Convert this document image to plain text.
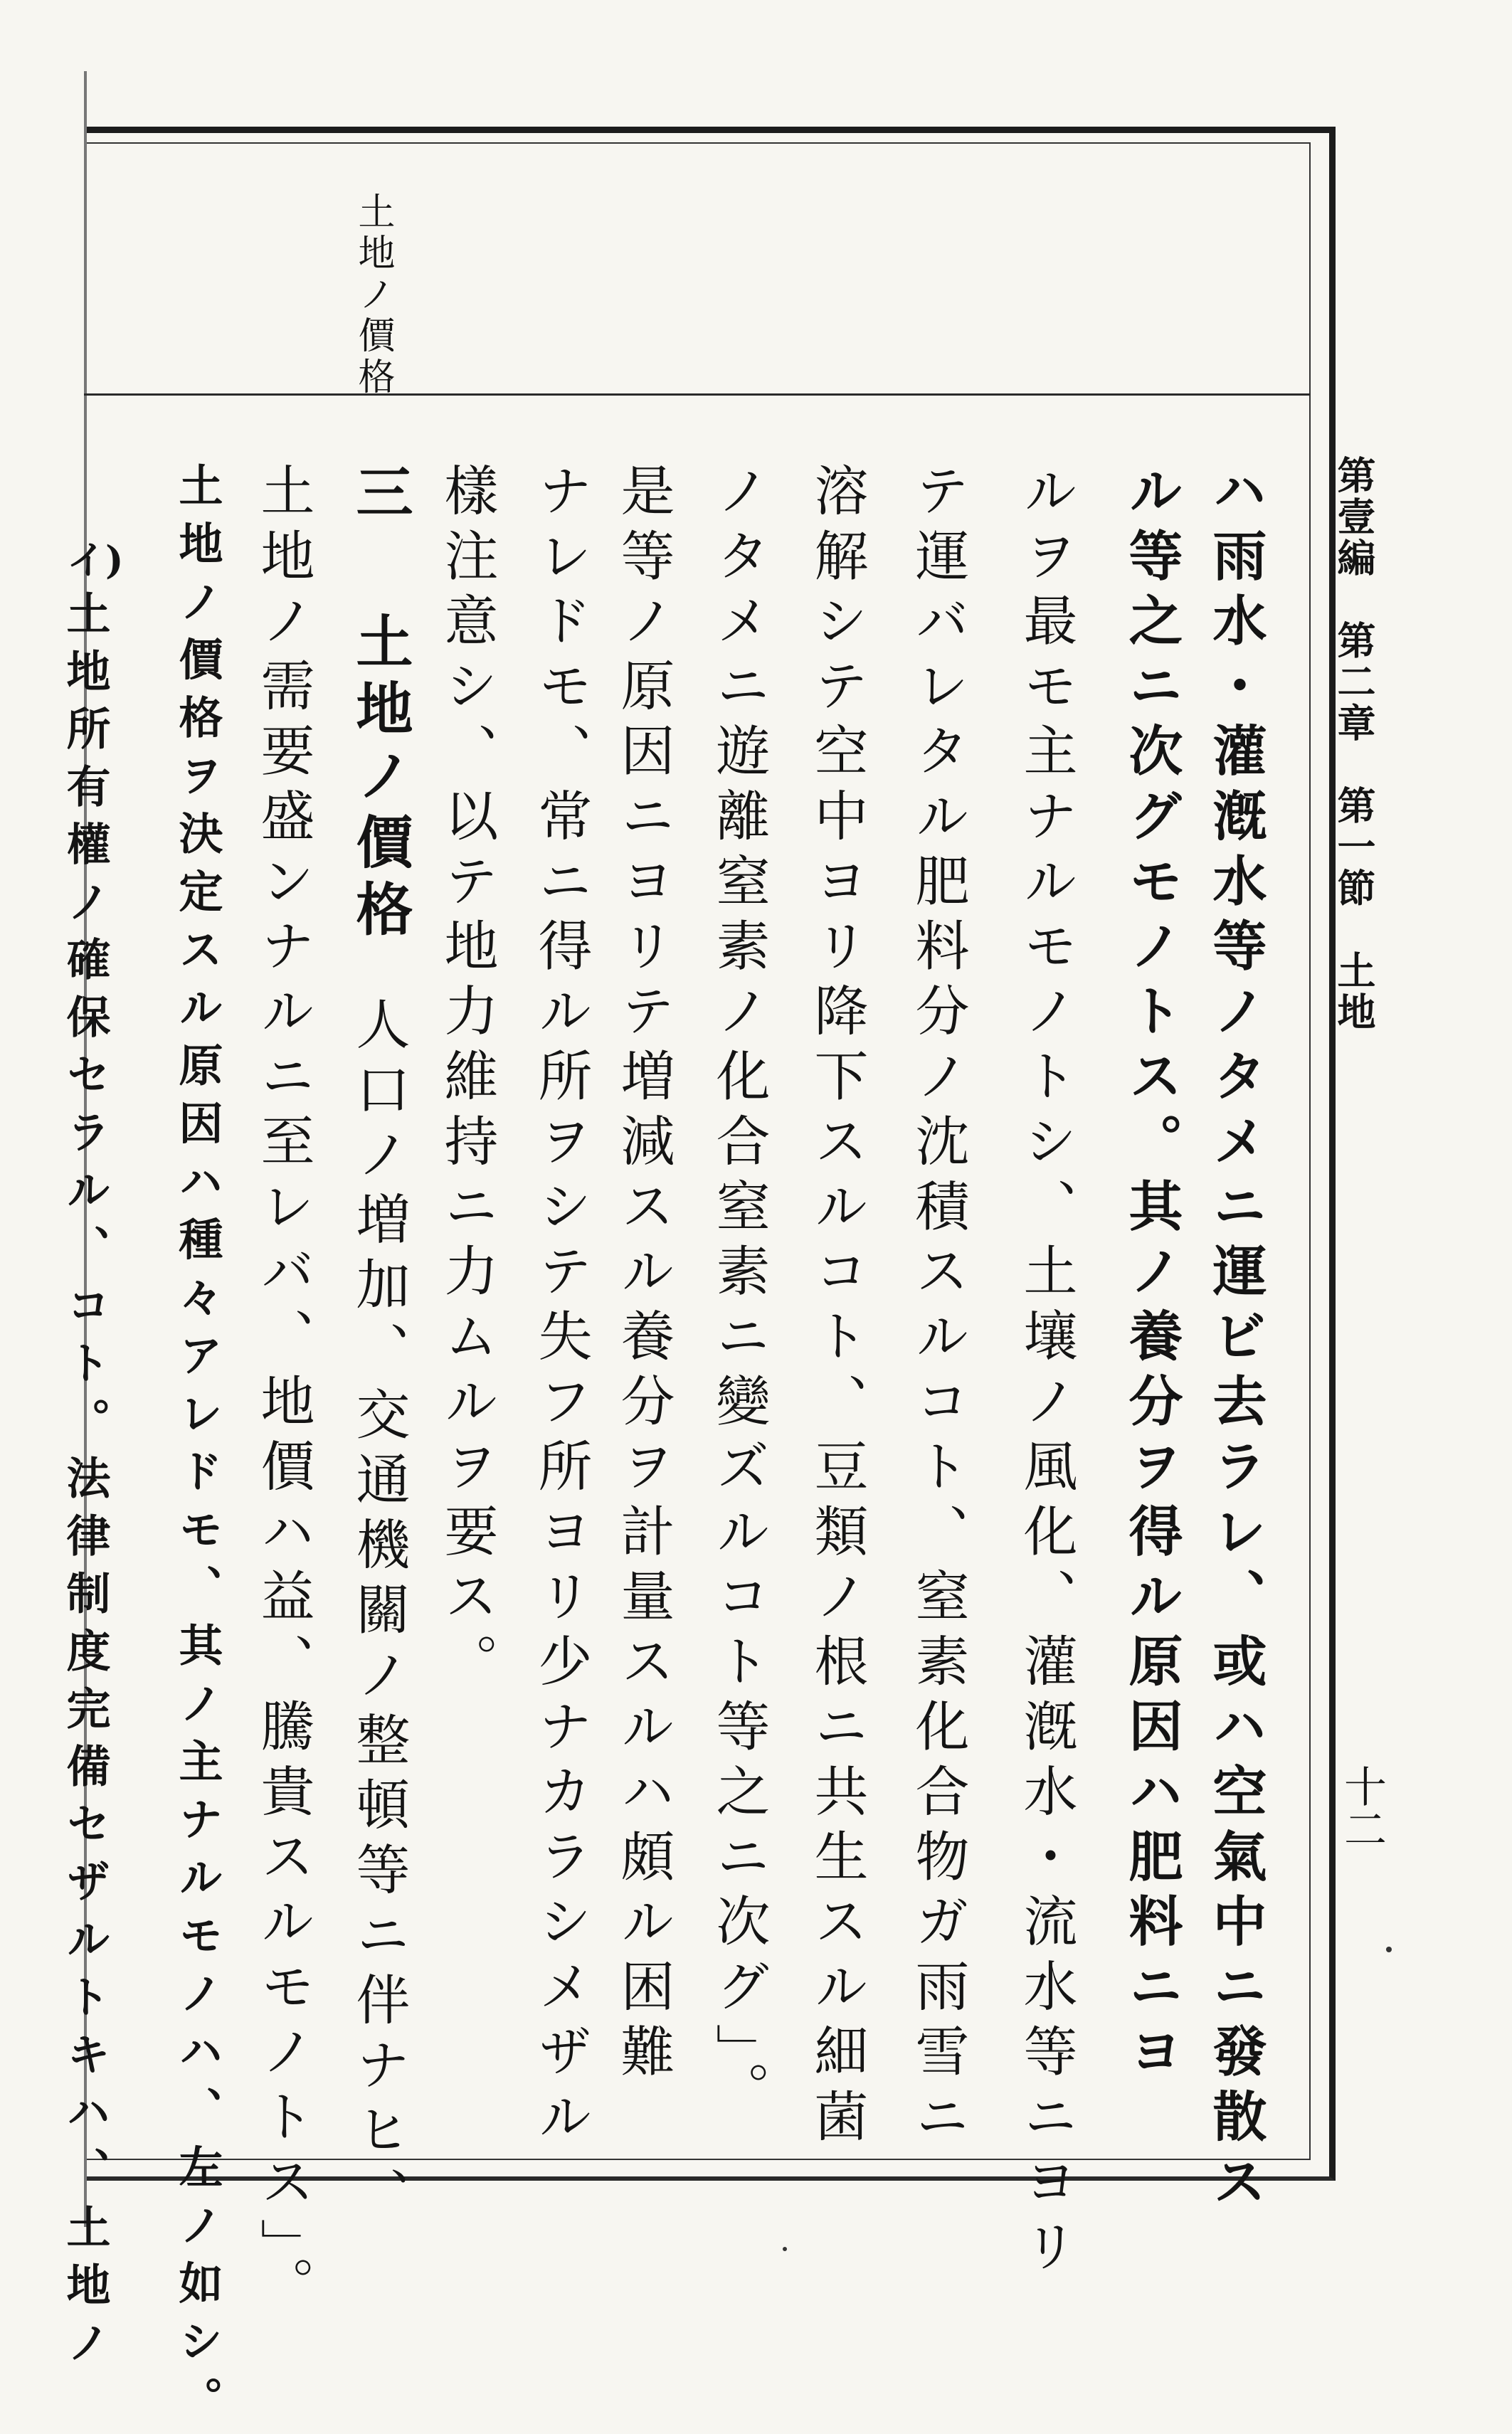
土地ノ價格
第壹編　第二章　第一節　土地
十二
ハ雨水・灌漑水等ノタメニ運ビ去ラレ、或ハ空氣中ニ發散ス
ル等之ニ次グモノトス。其ノ養分ヲ得ル原因ハ肥料ニヨ
ルヲ最モ主ナルモノトシ、土壤ノ風化、灌漑水・流水等ニヨリ
テ運バレタル肥料分ノ沈積スルコト、窒素化合物ガ雨雪ニ
溶解シテ空中ヨリ降下スルコト、豆類ノ根ニ共生スル細菌
ノタメニ遊離窒素ノ化合窒素ニ變ズルコト等之ニ次グ」。
是等ノ原因ニヨリテ増減スル養分ヲ計量スルハ頗ル困難
ナレドモ、常ニ得ル所ヲシテ失フ所ヨリ少ナカラシメザル
樣注意シ、以テ地力維持ニ力ムルヲ要ス。
三
土地ノ價格
人口ノ増加、交通機關ノ整頓等ニ伴ナヒ、
土地ノ需要盛ンナルニ至レバ、地價ハ益、騰貴スルモノトス」。
土地ノ價格ヲ決定スル原因ハ種々アレドモ、其ノ主ナルモノハ、左ノ如シ。
イ)
土地所有權ノ確保セラル、コト。法律制度完備セザルトキハ、土地ノ
